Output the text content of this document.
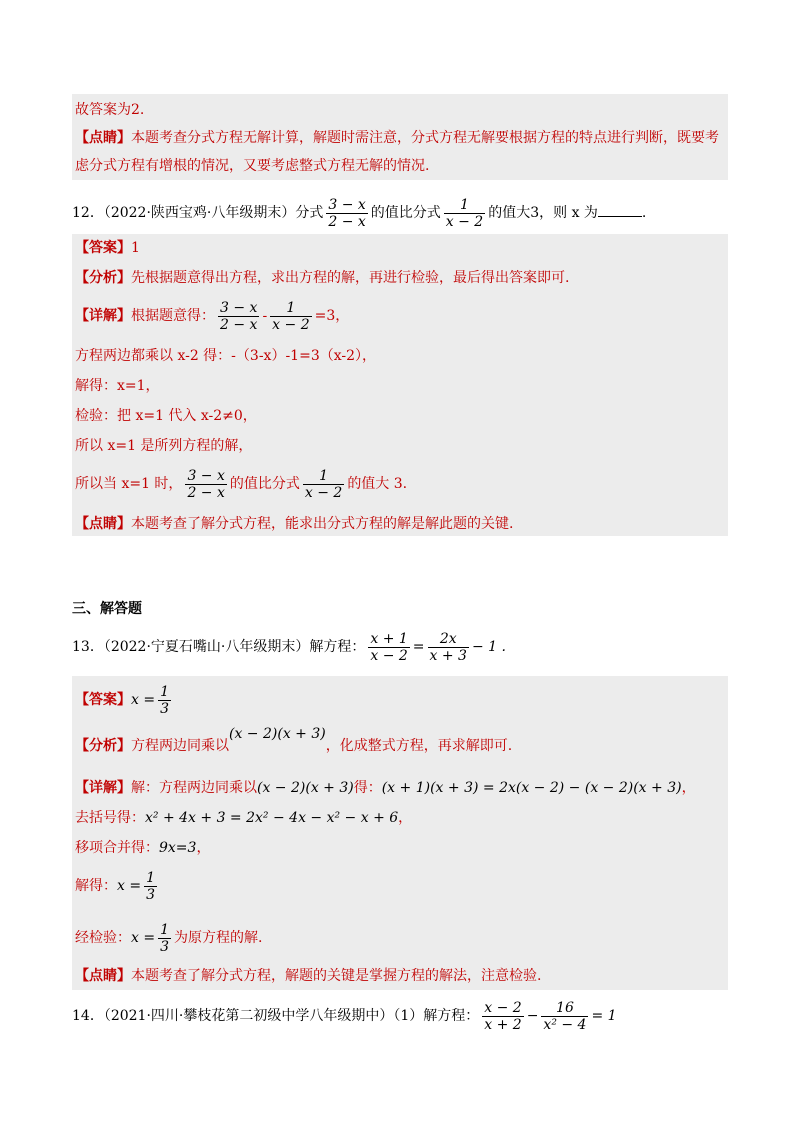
故答案为2.
【点睛】本题考查分式方程无解计算，解题时需注意，分式方程无解要根据方程的特点进行判断，既要考
虑分式方程有增根的情况，又要考虑整式方程无解的情况.
12．（2022·陕西宝鸡·八年级期末）分式 $\frac{3 - x}{2 - x}$ 的值比分式 $\frac{1}{x - 2}$ 的值大3，则 x 为	.
【答案】1
【分析】先根据题意得出方程，求出方程的解，再进行检验，最后得出答案即可.
【详解】根据题意得： $\frac{3 - x}{2 - x} - \frac{1}{x - 2} =3$，
方程两边都乘以 x-2 得：-（3-x）-1=3（x-2），
解得：x=1，
检验：把 x=1 代入 x-2≠0，
所以 x=1 是所列方程的解，
所以当 x=1 时， $\frac{3 - x}{2 - x}$ 的值比分式 $\frac{1}{x - 2}$ 的值大 3.
【点睛】本题考查了解分式方程，能求出分式方程的解是解此题的关键.
三、解答题
13．（2022·宁夏石嘴山·八年级期末）解方程： $\frac{x + 1}{x - 2} = \frac{2x}{x + 3} - 1$ .
【答案】$x = \frac{1}{3}$
【分析】方程两边同乘以(x − 2)(x + 3)，化成整式方程，再求解即可.
【详解】解：方程两边同乘以(x − 2)(x + 3)得：(x + 1)(x + 3) = 2x(x − 2) − (x − 2)(x + 3)，
去括号得：x² + 4x + 3 = 2x² − 4x − x² − x + 6，
移项合并得：9x=3，
解得：$x = \frac{1}{3}$
经检验：$x = \frac{1}{3}$ 为原方程的解.
【点睛】本题考查了解分式方程，解题的关键是掌握方程的解法，注意检验.
14．（2021·四川·攀枝花第二初级中学八年级期中）（1）解方程： $\frac{x - 2}{x + 2} - \frac{16}{\text{x² − 4}} = 1$
